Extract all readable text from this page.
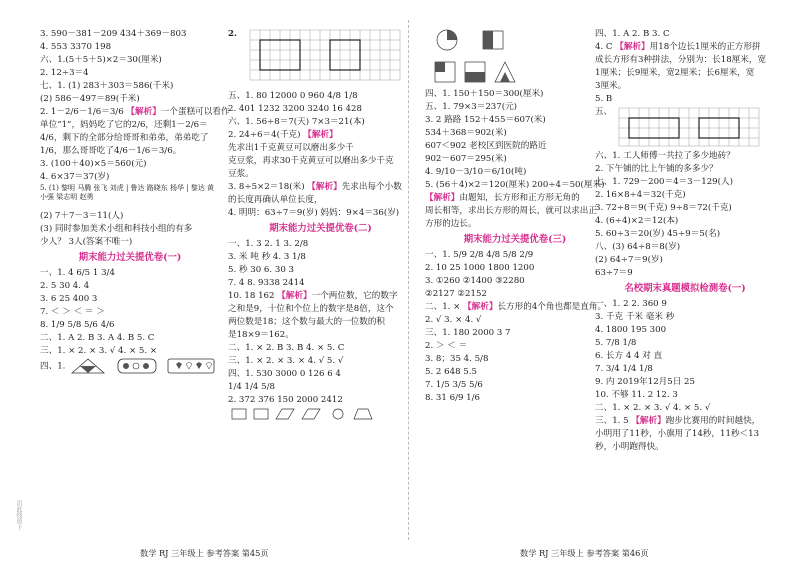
沿此线剪下
3. 590－381－209 434＋369－803
4. 553 3370 198
六、1.(5＋5＋5)×2＝30(厘米)
2. 12÷3＝4
七、1. (1) 283＋303＝586(千米)
(2) 586－497＝89(千米)
2. 1－2/6－1/6＝3/6 【解析】一个蛋糕可以看作
单位“1”，妈妈吃了它的2/6，还剩1－2/6＝
4/6，剩下的全部分给哥哥和弟弟，弟弟吃了
1/6，那么哥哥吃了4/6－1/6＝3/6。
3. (100＋40)×5＝560(元)
4. 6×37＝37(岁)
5. (1) 黎明 马腾 张飞 刘虎 | 鲁达 路晓东 杨华 | 黎达 黄小强 梁志明 赵勇
(2) 7＋7－3＝11(人)
(3) 同时参加美术小组和科技小组的有多
少人？ 3人(答案不唯一)
期末能力过关提优卷(一)
一、1. 4 6/5 1 3/4
2. 5 30 4. 4
3. 6 25 400 3
7. ＜ ＞ ＜ ＝ ＞
8. 1/9 5/8 5/6 4/6
二、1. A 2. B 3. A 4. B 5. C
三、1. × 2. × 3. √ 4. × 5. ×
四、1.
2.
五、1. 80 12000 0 960 4/8 1/8
2. 401 1232 3200 3240 16 428
六、1. 56÷8＝7(天) 7×3＝21(本)
2. 24÷6＝4(千克) 【解析】
先求出1千克黄豆可以磨出多少千
克豆浆，再求30千克黄豆可以磨出多少千克
豆浆。
3. 8÷5×2＝18(米) 【解析】先求出每个小数
的长度再确认单位长度，
4. 明明：63÷7＝9(岁) 妈妈：9×4＝36(岁)
期末能力过关提优卷(二)
一、1. 3 2. 1 3. 2/8
3. 米 吨 秒 4. 3 1/8
5. 秒 30 6. 30 3
7. 4 8. 9338 2414
10. 18 162 【解析】一个两位数，它的数字
之和是9，十位和个位上的数字是8倍，这个
两位数是18；这个数与最大的一位数的积
是18×9＝162。
二、1. × 2. B 3. B 4. × 5. C
三、1. × 2. × 3. × 4. √ 5. √
四、1. 530 3000 0 126 6 4
1/4 1/4 5/8
2. 372 376 150 2000 2412
四、1. 150＋150＝300(厘米)
五、1. 79×3＝237(元)
3. 2 路路 152＋455＝607(米)
534＋368＝902(米)
607＜902 老校区到医院的路近
902－607＝295(米)
4. 9/10－3/10＝6/10(吨)
5. (56＋4)×2＝120(厘米) 200÷4＝50(厘米)
【解析】由题知，长方形和正方形无角的
周长相等，求出长方形的周长，就可以求出正
方形的边长。
期末能力过关提优卷(三)
一、1. 5/9 2/8 4/8 5/8 2/9
2. 10 25 1000 1800 1200
3. ①260 ②1400 ③2280
②2127 ②2152
二、1. × 【解析】长方形的4个角也都是直角。
2. √ 3. × 4. √
三、1. 180 2000 3 7
2. ＞ ＜ ＝
3. 8；35 4. 5/8
5. 2 648 5.5
7. 1/5 3/5 5/6
8. 31 6/9 1/6
四、1. A 2. B 3. C
4. C 【解析】用18个边长1厘米的正方形拼
成长方形有3种拼法，分别为：长18厘米，宽
1厘米；长9厘米，宽2厘米；长6厘米，宽
3厘米。
5. B
五、
六、1. 工人师傅一共拉了多少地砖？
2. 下午铺的比上午铺的多多少？
七、1. 729－200＝4＝3－129(人)
2. 16×8÷4＝32(千克)
3. 72÷8＝9(千克) 9÷8＝72(千克)
4. (6÷4)×2＝12(本)
5. 60÷3＝20(岁) 45÷9＝5(名)
八、(3) 64÷8＝8(岁)
(2) 64÷7＝9(岁)
63÷7＝9
名校期末真题模拟检测卷(一)
一、1. 2 2. 360 9
3. 千克 千米 毫米 秒
4. 1800 195 300
5. 7/8 1/8
6. 长方 4 4 对 直
7. 3/4 1/4 1/8
9. 内 2019年12月5日 25
10. 不够 11. 2 12. 3
二、1. × 2. × 3. √ 4. × 5. √
三、1. 5 【解析】跑步比赛用的时间越快，
小明用了11秒，小旗用了14秒，11秒＜13
秒，小明跑得快。
数学 RJ 三年级上 参考答案 第45页	数学 RJ 三年级上 参考答案 第46页
